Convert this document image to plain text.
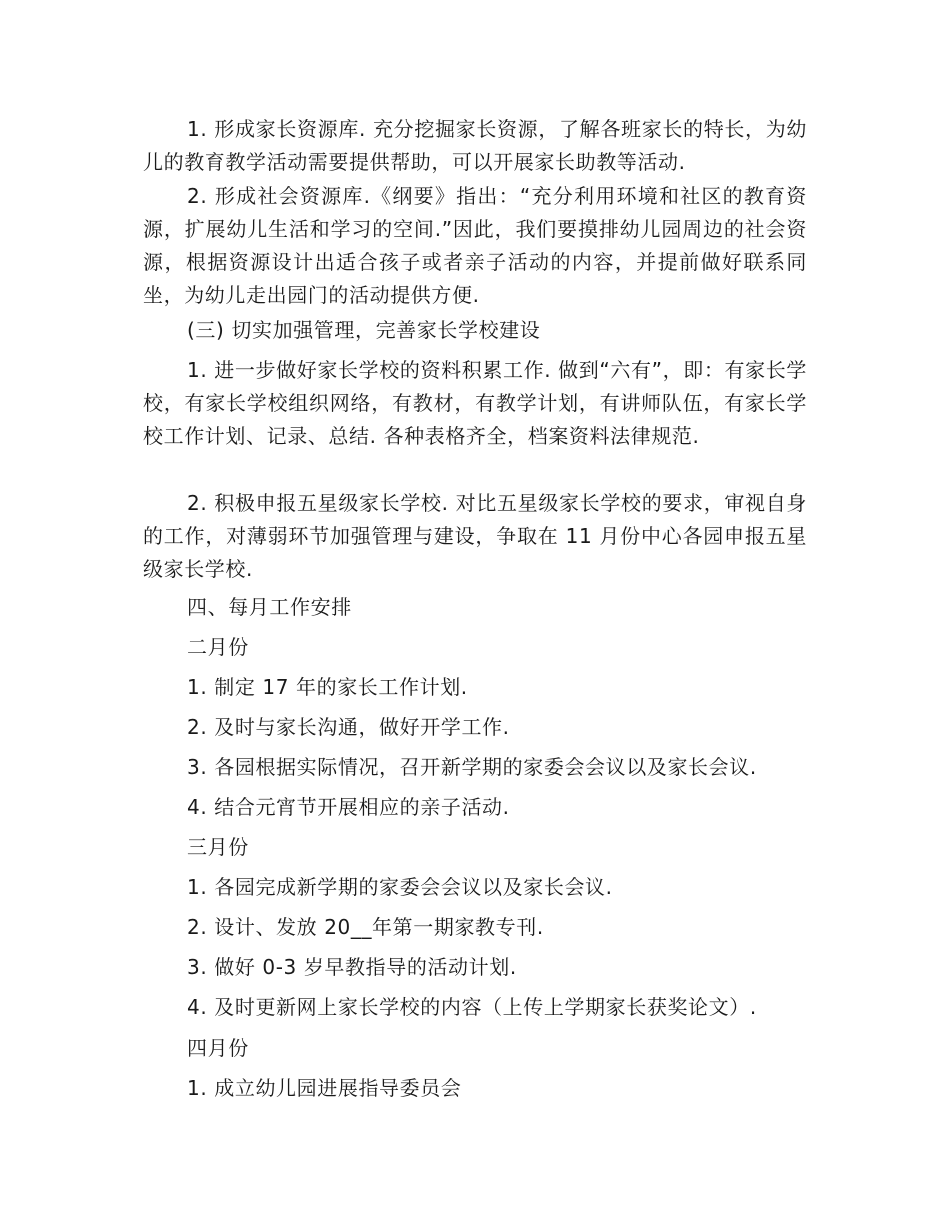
1. 形成家长资源库. 充分挖掘家长资源，了解各班家长的特长，为幼儿的教育教学活动需要提供帮助，可以开展家长助教等活动.

2. 形成社会资源库.《纲要》指出：“充分利用环境和社区的教育资源，扩展幼儿生活和学习的空间.”因此，我们要摸排幼儿园周边的社会资源，根据资源设计出适合孩子或者亲子活动的内容，并提前做好联系同坐，为幼儿走出园门的活动提供方便.

(三) 切实加强管理，完善家长学校建设

1. 进一步做好家长学校的资料积累工作. 做到“六有”，即：有家长学校，有家长学校组织网络，有教材，有教学计划，有讲师队伍，有家长学校工作计划、记录、总结. 各种表格齐全，档案资料法律规范.

2. 积极申报五星级家长学校. 对比五星级家长学校的要求，审视自身的工作，对薄弱环节加强管理与建设，争取在 11 月份中心各园申报五星级家长学校.

四、每月工作安排

二月份

1. 制定 17 年的家长工作计划.

2. 及时与家长沟通，做好开学工作.

3. 各园根据实际情况，召开新学期的家委会会议以及家长会议.

4. 结合元宵节开展相应的亲子活动.

三月份

1. 各园完成新学期的家委会会议以及家长会议.

2. 设计、发放 20__年第一期家教专刊.

3. 做好 0-3 岁早教指导的活动计划.

4. 及时更新网上家长学校的内容（上传上学期家长获奖论文）.

四月份

1. 成立幼儿园进展指导委员会
